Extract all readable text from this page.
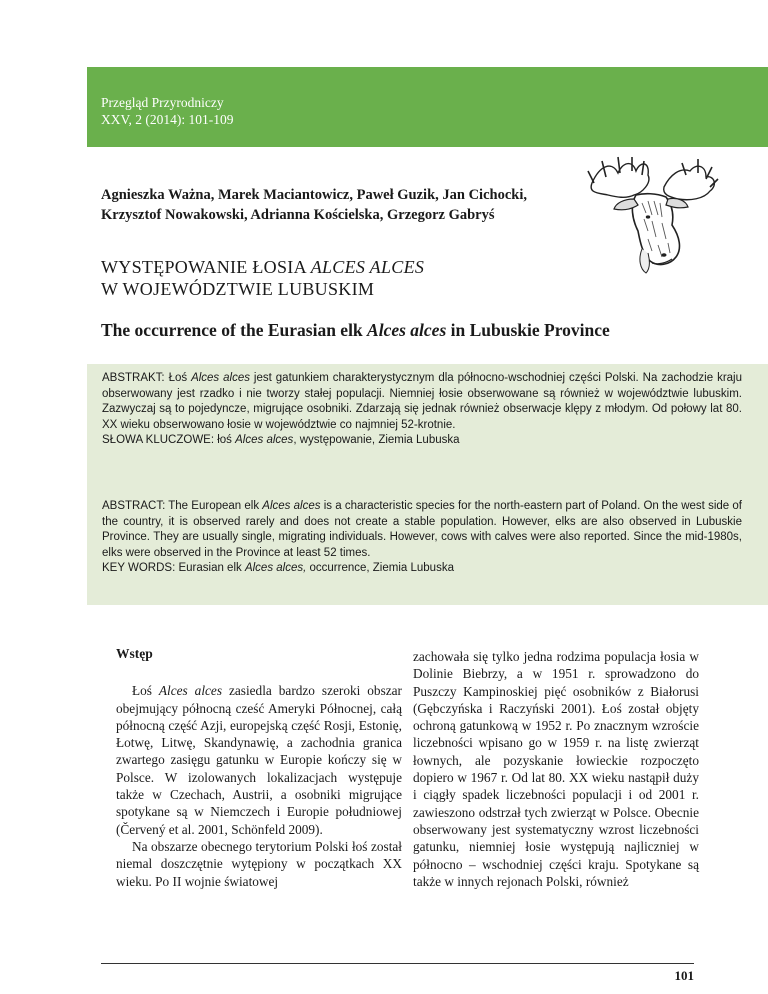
Przegląd Przyrodniczy
XXV, 2 (2014): 101-109
Agnieszka Ważna, Marek Maciantowicz, Paweł Guzik, Jan Cichocki,
Krzysztof Nowakowski, Adrianna Kościelska, Grzegorz Gabryś
WYSTĘPOWANIE ŁOSIA ALCES ALCES
W WOJEWÓDZTWIE LUBUSKIM
The occurrence of the Eurasian elk Alces alces in Lubuskie Province

ABSTRAKT: Łoś Alces alces jest gatunkiem charakterystycznym dla północno-wschodniej części Polski. Na zachodzie kraju obserwowany jest rzadko i nie tworzy stałej populacji. Niemniej łosie obserwowane są również w województwie lubuskim. Zazwyczaj są to pojedyncze, migrujące osobniki. Zdarzają się jednak również obserwacje klępy z młodym. Od połowy lat 80. XX wieku obserwowano łosie w województwie co najmniej 52-krotnie.

SŁOWA KLUCZOWE: łoś Alces alces, występowanie, Ziemia Lubuska

ABSTRACT: The European elk Alces alces is a characteristic species for the north-eastern part of Poland. On the west side of the country, it is observed rarely and does not create a stable population. However, elks are also observed in Lubuskie Province. They are usually single, migrating individuals. However, cows with calves were also reported. Since the mid-1980s, elks were observed in the Province at least 52 times.

KEY WORDS: Eurasian elk Alces alces, occurrence, Ziemia Lubuska

Wstęp

Łoś Alces alces zasiedla bardzo szeroki obszar obejmujący północną cześć Ameryki Północnej, całą północną część Azji, europejską część Rosji, Estonię, Łotwę, Litwę, Skandynawię, a zachodnia granica zwartego zasięgu gatunku w Europie kończy się w Polsce. W izolowanych lokalizacjach występuje także w Czechach, Austrii, a osobniki migrujące spotykane są w Niemczech i Europie południowej (Červený et al. 2001, Schönfeld 2009).

Na obszarze obecnego terytorium Polski łoś został niemal doszczętnie wytępiony w początkach XX wieku. Po II wojnie światowej

zachowała się tylko jedna rodzima populacja łosia w Dolinie Biebrzy, a w 1951 r. sprowadzono do Puszczy Kampinoskiej pięć osobników z Białorusi (Gębczyńska i Raczyński 2001). Łoś został objęty ochroną gatunkową w 1952 r. Po znacznym wzroście liczebności wpisano go w 1959 r. na listę zwierząt łownych, ale pozyskanie łowieckie rozpoczęto dopiero w 1967 r. Od lat 80. XX wieku nastąpił duży i ciągły spadek liczebności populacji i od 2001 r. zawieszono odstrzał tych zwierząt w Polsce. Obecnie obserwowany jest systematyczny wzrost liczebności gatunku, niemniej łosie występują najliczniej w północno – wschodniej części kraju. Spotykane są także w innych rejonach Polski, również

101
